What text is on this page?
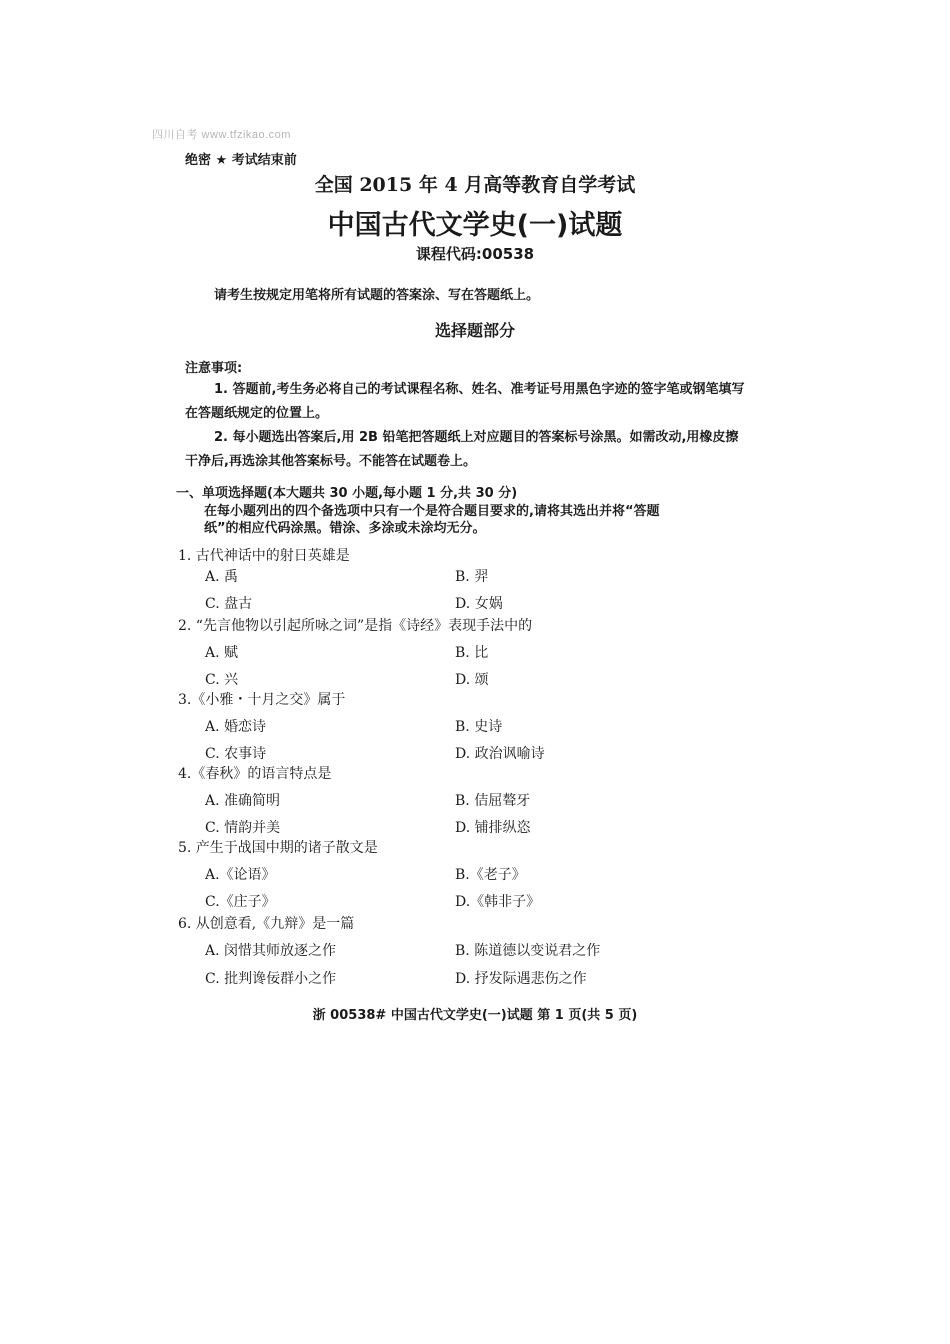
四川自考 www.tfzikao.com
绝密 ★ 考试结束前
全国 2015 年 4 月高等教育自学考试
中国古代文学史(一)试题
课程代码:00538
请考生按规定用笔将所有试题的答案涂、写在答题纸上。
选择题部分
注意事项:
1. 答题前,考生务必将自己的考试课程名称、姓名、准考证号用黑色字迹的签字笔或钢笔填写
在答题纸规定的位置上。
2. 每小题选出答案后,用 2B 铅笔把答题纸上对应题目的答案标号涂黑。如需改动,用橡皮擦
干净后,再选涂其他答案标号。不能答在试题卷上。
一、单项选择题(本大题共 30 小题,每小题 1 分,共 30 分)
在每小题列出的四个备选项中只有一个是符合题目要求的,请将其选出并将“答题
纸”的相应代码涂黑。错涂、多涂或未涂均无分。
1. 古代神话中的射日英雄是
A. 禹	B. 羿
C. 盘古	D. 女娲
2. “先言他物以引起所咏之词”是指《诗经》表现手法中的
A. 赋	B. 比
C. 兴	D. 颂
3.《小雅・十月之交》属于
A. 婚恋诗	B. 史诗
C. 农事诗	D. 政治讽喻诗
4.《春秋》的语言特点是
A. 准确简明	B. 佶屈聱牙
C. 情韵并美	D. 铺排纵恣
5. 产生于战国中期的诸子散文是
A.《论语》	B.《老子》
C.《庄子》	D.《韩非子》
6. 从创意看,《九辩》是一篇
A. 闵惜其师放逐之作	B. 陈道德以变说君之作
C. 批判谗佞群小之作	D. 抒发际遇悲伤之作
浙 00538# 中国古代文学史(一)试题 第 1 页(共 5 页)
